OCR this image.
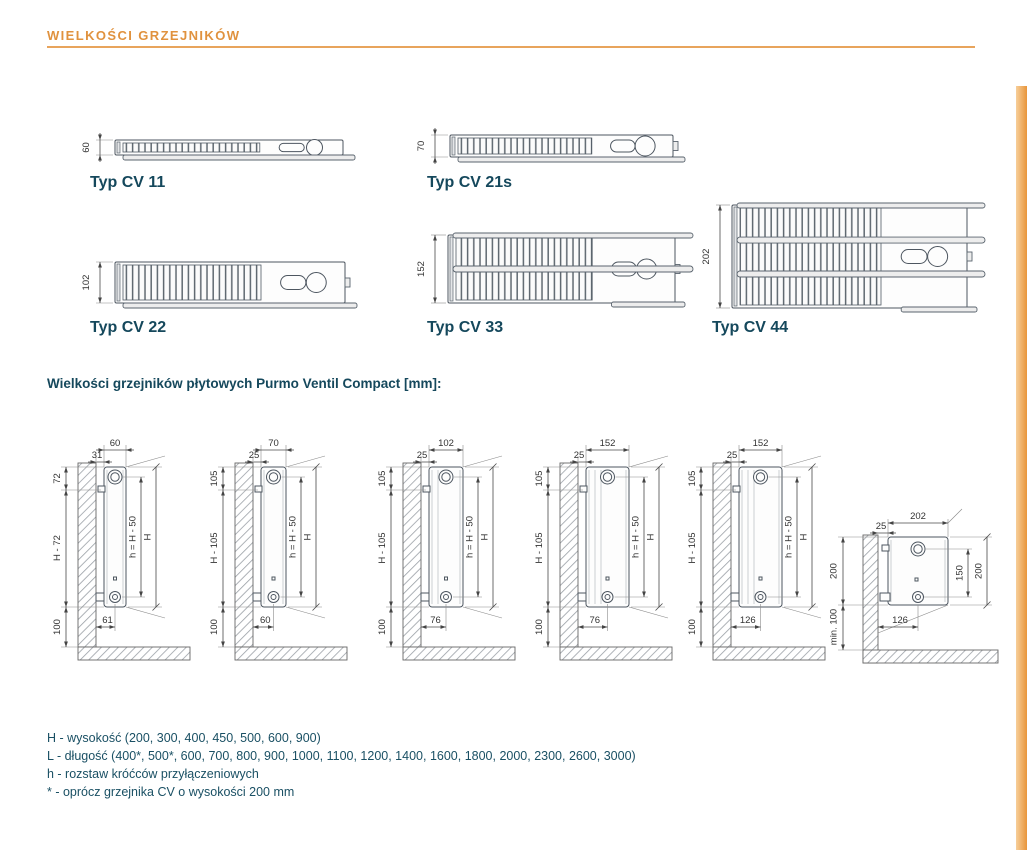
WIELKOŚCI GRZEJNIKÓW
Typ CV 11	Typ CV 21s
Typ CV 22	Typ CV 33	Typ CV 44
Wielkości grzejników płytowych Purmo Ventil Compact [mm]:
H - wysokość (200, 300, 400, 450, 500, 600, 900)
L - długość (400*, 500*, 600, 700, 800, 900, 1000, 1100, 1200, 1400, 1600, 1800, 2000, 2300, 2600, 3000)
h - rozstaw króćców przyłączeniowych
* - oprócz grzejnika CV o wysokości 200 mm
60	70
102
152
202
60
31
72
H - 72
100
h = H - 50 H
61
70
25
105
H - 105
100
h = H - 50 H
60
102
25
105
H - 105
100
h = H - 50 H
76
152
25
105
H - 105
100
h = H - 50 H
76
152
25
105
H - 105
100
h = H - 50 H
126
202
25
150 200
200
min. 100	126
